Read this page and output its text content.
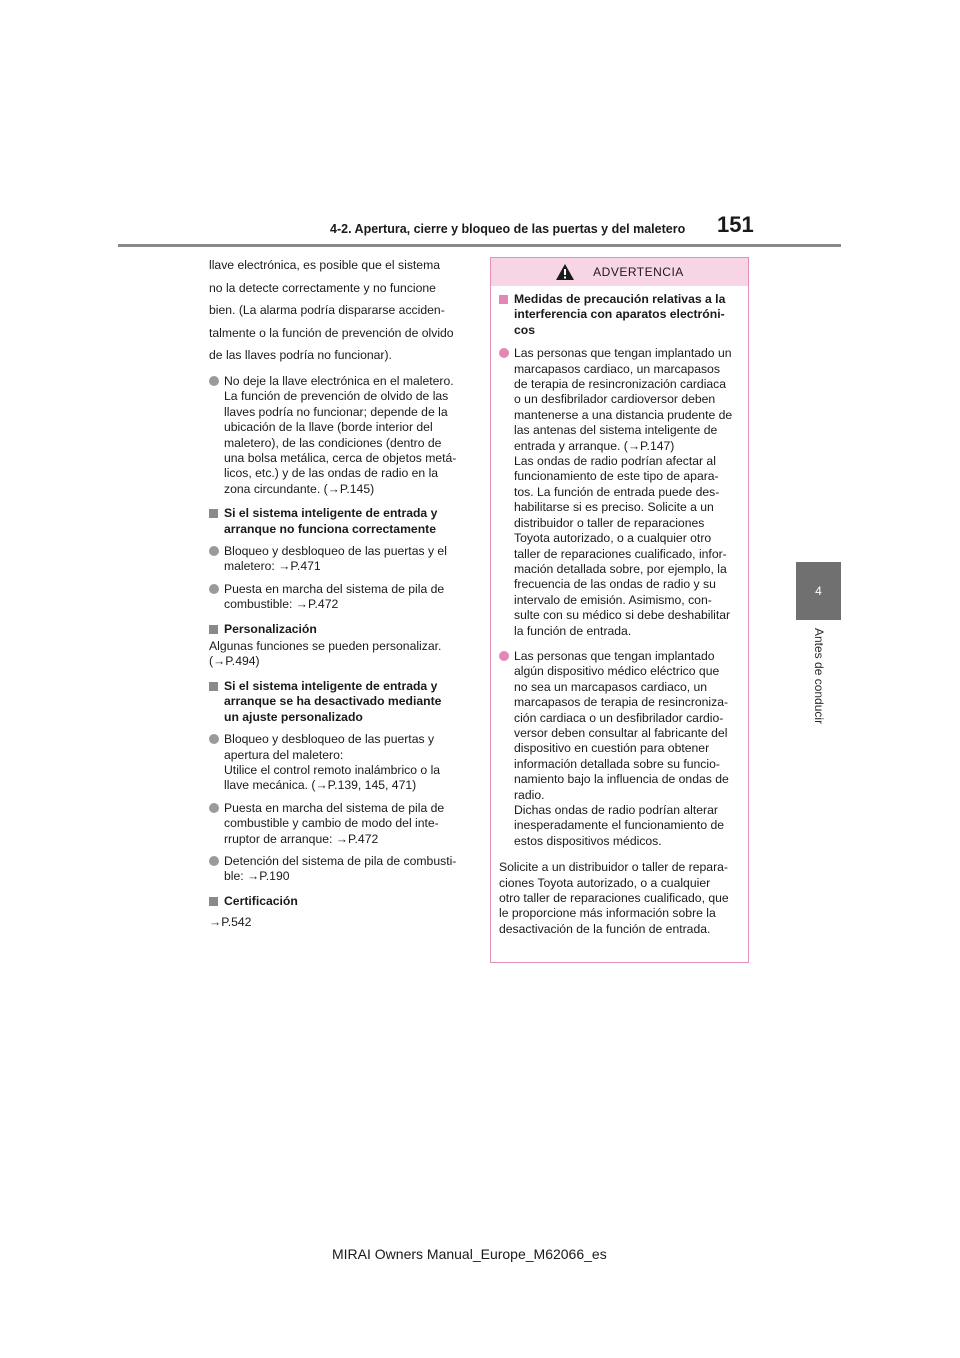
4-2. Apertura, cierre y bloqueo de las puertas y del maletero	151
4
Antes de conducir

llave electrónica, es posible que el sistema

no la detecte correctamente y no funcione

bien. (La alarma podría dispararse acciden-

talmente o la función de prevención de olvido

de las llaves podría no funcionar).

No deje la llave electrónica en el maletero.
La función de prevención de olvido de las
llaves podría no funcionar; depende de la
ubicación de la llave (borde interior del
maletero), de las condiciones (dentro de
una bolsa metálica, cerca de objetos metá-
licos, etc.) y de las ondas de radio en la
zona circundante. (→P.145)
Si el sistema inteligente de entrada y
arranque no funciona correctamente
Bloqueo y desbloqueo de las puertas y el
maletero: →P.471
Puesta en marcha del sistema de pila de
combustible: →P.472
Personalización
Algunas funciones se pueden personalizar.
(→P.494)
Si el sistema inteligente de entrada y
arranque se ha desactivado mediante
un ajuste personalizado
Bloqueo y desbloqueo de las puertas y
apertura del maletero:
Utilice el control remoto inalámbrico o la
llave mecánica. (→P.139, 145, 471)
Puesta en marcha del sistema de pila de
combustible y cambio de modo del inte-
rruptor de arranque: →P.472
Detención del sistema de pila de combusti-
ble: →P.190
Certificación
→P.542
ADVERTENCIA
Medidas de precaución relativas a la
interferencia con aparatos electróni-
cos
Las personas que tengan implantado un
marcapasos cardiaco, un marcapasos
de terapia de resincronización cardiaca
o un desfibrilador cardioversor deben
mantenerse a una distancia prudente de
las antenas del sistema inteligente de
entrada y arranque. (→P.147)
Las ondas de radio podrían afectar al
funcionamiento de este tipo de apara-
tos. La función de entrada puede des-
habilitarse si es preciso. Solicite a un
distribuidor o taller de reparaciones
Toyota autorizado, o a cualquier otro
taller de reparaciones cualificado, infor-
mación detallada sobre, por ejemplo, la
frecuencia de las ondas de radio y su
intervalo de emisión. Asimismo, con-
sulte con su médico si debe deshabilitar
la función de entrada.
Las personas que tengan implantado
algún dispositivo médico eléctrico que
no sea un marcapasos cardiaco, un
marcapasos de terapia de resincroniza-
ción cardiaca o un desfibrilador cardio-
versor deben consultar al fabricante del
dispositivo en cuestión para obtener
información detallada sobre su funcio-
namiento bajo la influencia de ondas de
radio.
Dichas ondas de radio podrían alterar
inesperadamente el funcionamiento de
estos dispositivos médicos.
Solicite a un distribuidor o taller de repara-
ciones Toyota autorizado, o a cualquier
otro taller de reparaciones cualificado, que
le proporcione más información sobre la
desactivación de la función de entrada.
MIRAI Owners Manual_Europe_M62066_es
